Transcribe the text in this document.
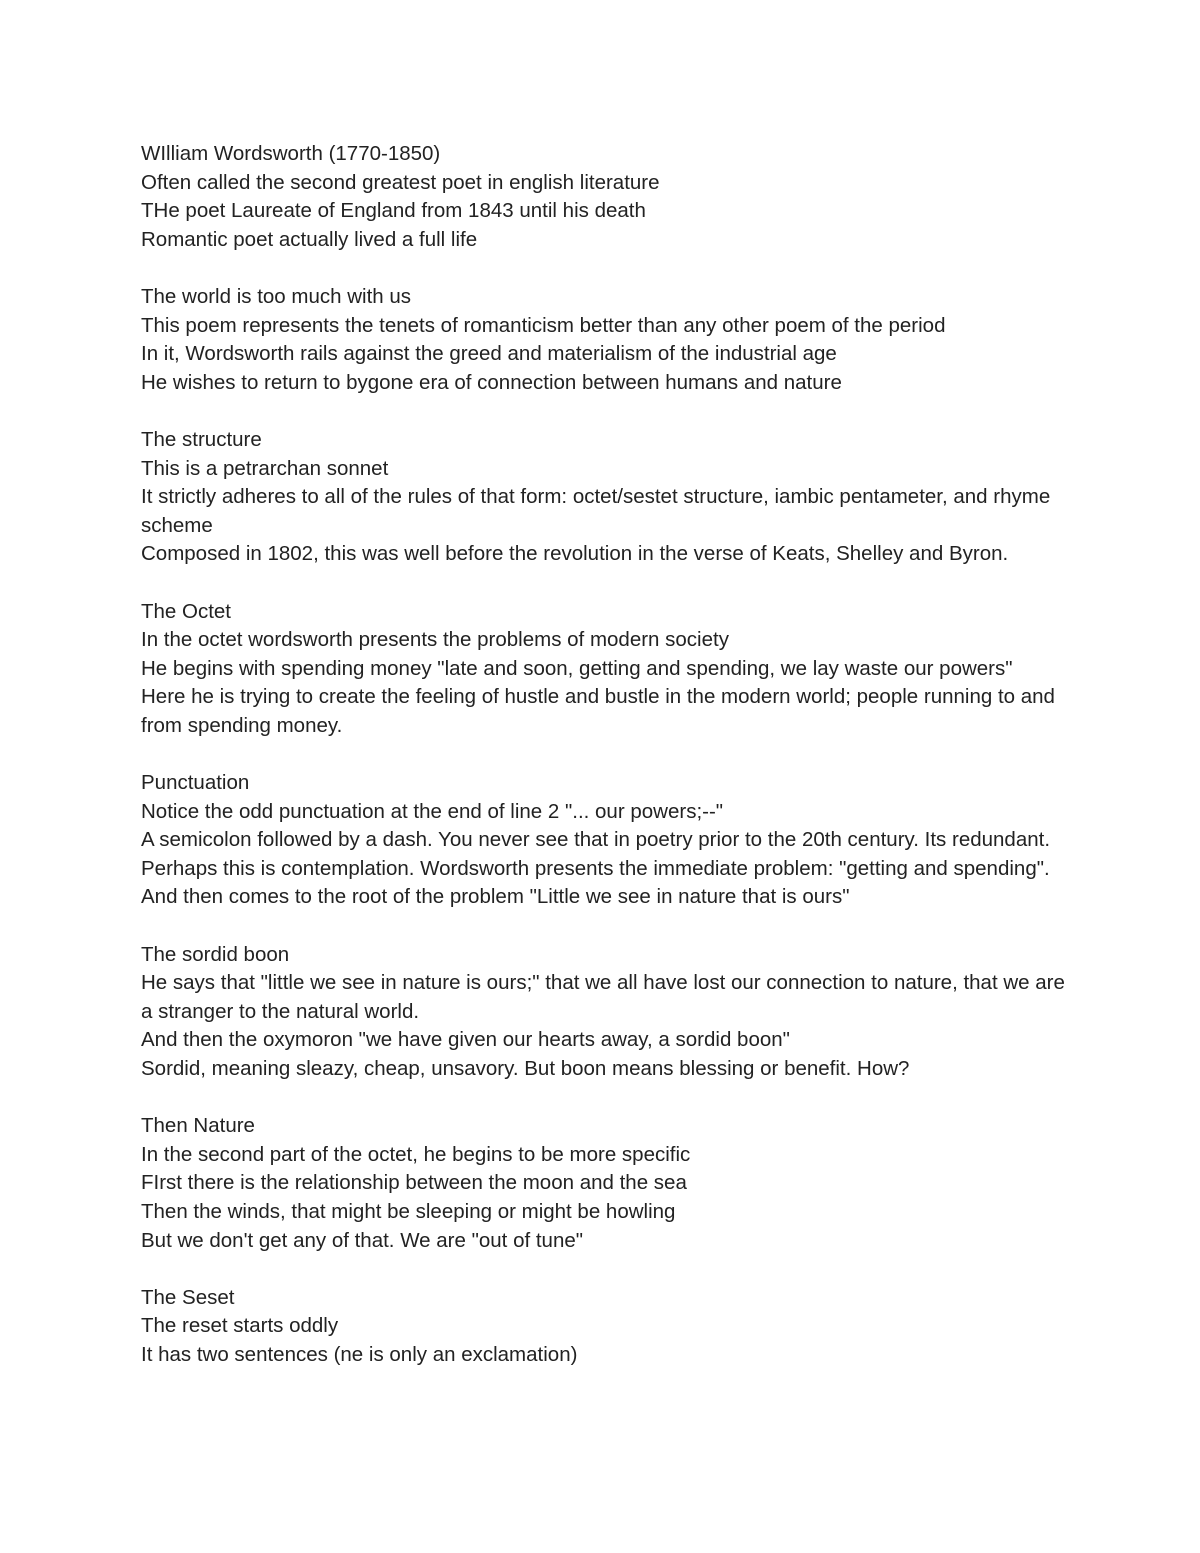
WIlliam Wordsworth (1770-1850)
Often called the second greatest poet in english literature
THe poet Laureate of England from 1843 until his death
Romantic poet actually lived a full life
The world is too much with us
This poem represents the tenets of romanticism better than any other poem of the period
In it, Wordsworth rails against the greed and materialism of the industrial age
He wishes to return to bygone era of connection between humans and nature
The structure
This is a petrarchan sonnet
It strictly adheres to all of the rules of that form: octet/sestet structure, iambic pentameter, and rhyme scheme
Composed in 1802, this was well before the revolution in the verse of Keats, Shelley and Byron.
The Octet
In the octet wordsworth presents the problems of modern society
He begins with spending money "late and soon, getting and spending, we lay waste our powers"
Here he is trying to create the feeling of hustle and bustle in the modern world; people running to and from spending money.
Punctuation
Notice the odd punctuation at the end of line 2 "... our powers;--"
A semicolon followed by a dash. You never see that in poetry prior to the 20th century. Its redundant.
Perhaps this is contemplation. Wordsworth presents the immediate problem: "getting and spending". And then comes to the root of the problem "Little we see in nature that is ours"
The sordid boon
He says that "little we see in nature is ours;" that we all have lost our connection to nature, that we are a stranger to the natural world.
And then the oxymoron "we have given our hearts away, a sordid boon"
Sordid, meaning sleazy, cheap, unsavory. But boon means blessing or benefit. How?
Then Nature
In the second part of the octet, he begins to be more specific
FIrst there is the relationship between the moon and the sea
Then the winds, that might be sleeping or might be howling
But we don't get any of that. We are "out of tune"
The Seset
The reset starts oddly
It has two sentences (ne is only an exclamation)
